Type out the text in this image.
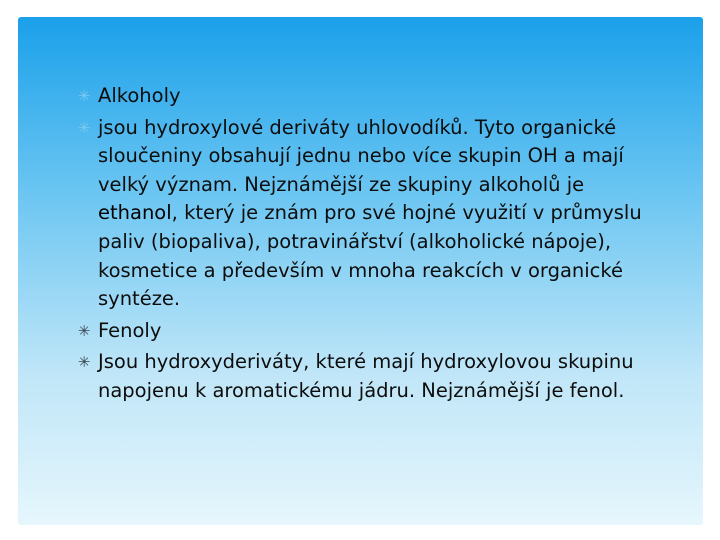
✳ Alkoholy
✳ jsou hydroxylové deriváty uhlovodíků. Tyto organické sloučeniny obsahují jednu nebo více skupin OH a mají velký význam. Nejznámější ze skupiny alkoholů je ethanol, který je znám pro své hojné využití v průmyslu paliv (biopaliva), potravinářství (alkoholické nápoje), kosmetice a především v mnoha reakcích v organické syntéze.
✳ Fenoly
✳ Jsou hydroxyderiváty, které mají hydroxylovou skupinu napojenu k aromatickému jádru. Nejznámější je fenol.
